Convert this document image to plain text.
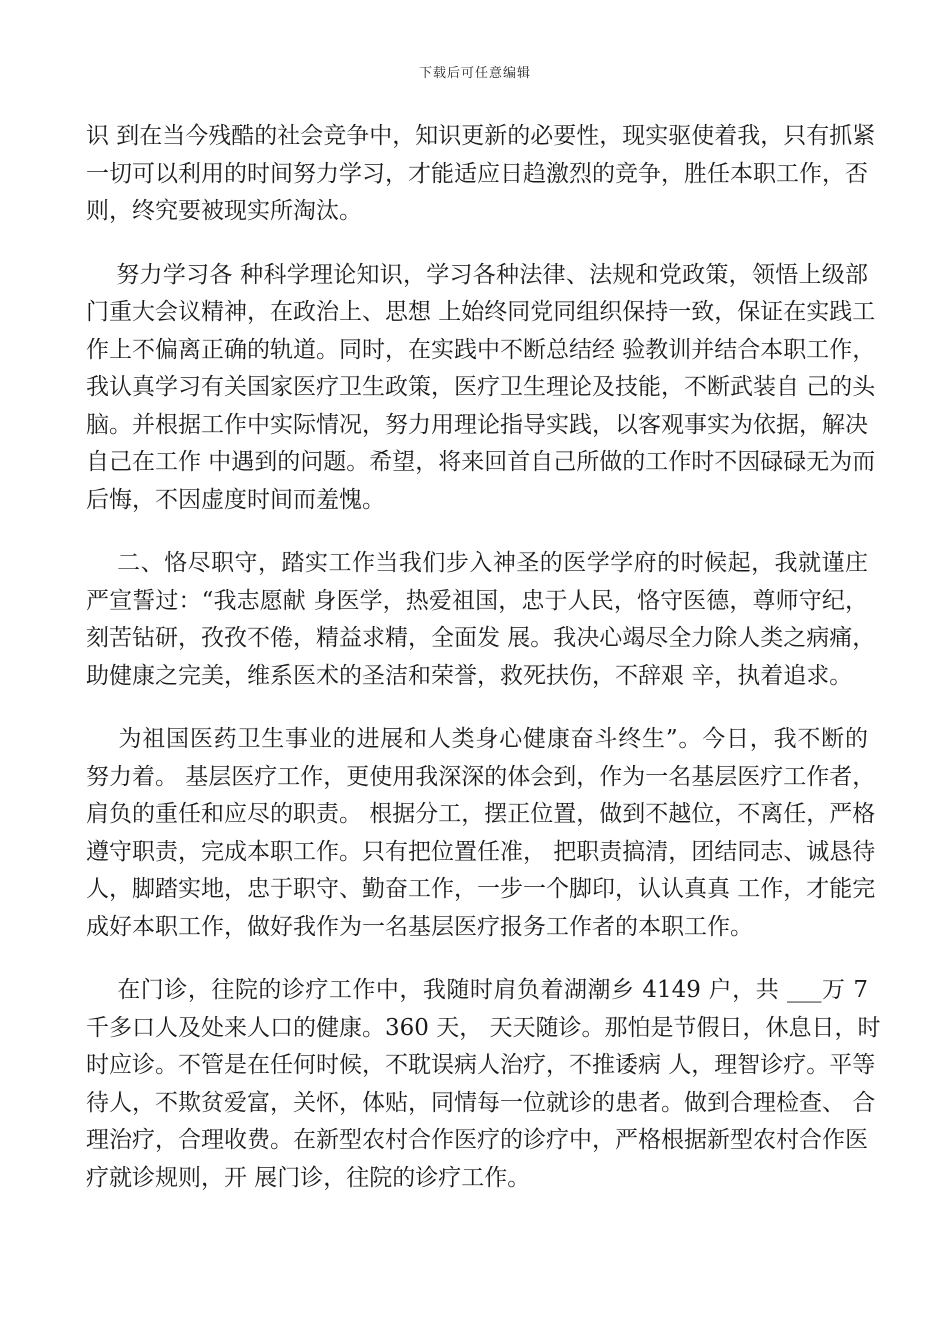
下载后可任意编辑
识 到在当今残酷的社会竞争中，知识更新的必要性，现实驱使着我，只有抓紧
一切可以利用的时间努力学习，才能适应日趋激烈的竞争，胜任本职工作，否
则，终究要被现实所淘汰。
努力学习各 种科学理论知识，学习各种法律、法规和党政策，领悟上级部
门重大会议精神，在政治上、思想 上始终同党同组织保持一致，保证在实践工
作上不偏离正确的轨道。同时，在实践中不断总结经 验教训并结合本职工作，
我认真学习有关国家医疗卫生政策，医疗卫生理论及技能，不断武装自 己的头
脑。并根据工作中实际情况，努力用理论指导实践，以客观事实为依据，解决
自己在工作 中遇到的问题。希望，将来回首自己所做的工作时不因碌碌无为而
后悔，不因虚度时间而羞愧。
二、恪尽职守，踏实工作当我们步入神圣的医学学府的时候起，我就谨庄
严宣誓过：“我志愿献 身医学，热爱祖国，忠于人民，恪守医德，尊师守纪，
刻苦钻研，孜孜不倦，精益求精，全面发 展。我决心竭尽全力除人类之病痛，
助健康之完美，维系医术的圣洁和荣誉，救死扶伤，不辞艰 辛，执着追求。
为祖国医药卫生事业的进展和人类身心健康奋斗终生”。今日，我不断的
努力着。 基层医疗工作，更使用我深深的体会到，作为一名基层医疗工作者，
肩负的重任和应尽的职责。 根据分工，摆正位置，做到不越位，不离任，严格
遵守职责，完成本职工作。只有把位置任准， 把职责搞清，团结同志、诚恳待
人，脚踏实地，忠于职守、勤奋工作，一步一个脚印，认认真真 工作，才能完
成好本职工作，做好我作为一名基层医疗报务工作者的本职工作。
在门诊，往院的诊疗工作中，我随时肩负着湖潮乡 4149 户，共 ___万 7
千多口人及处来人口的健康。360 天， 天天随诊。那怕是节假日，休息日，时
时应诊。不管是在任何时候，不耽误病人治疗，不推诿病 人，理智诊疗。平等
待人，不欺贫爱富，关怀，体贴，同情每一位就诊的患者。做到合理检查、 合
理治疗，合理收费。在新型农村合作医疗的诊疗中，严格根据新型农村合作医
疗就诊规则，开 展门诊，往院的诊疗工作。
